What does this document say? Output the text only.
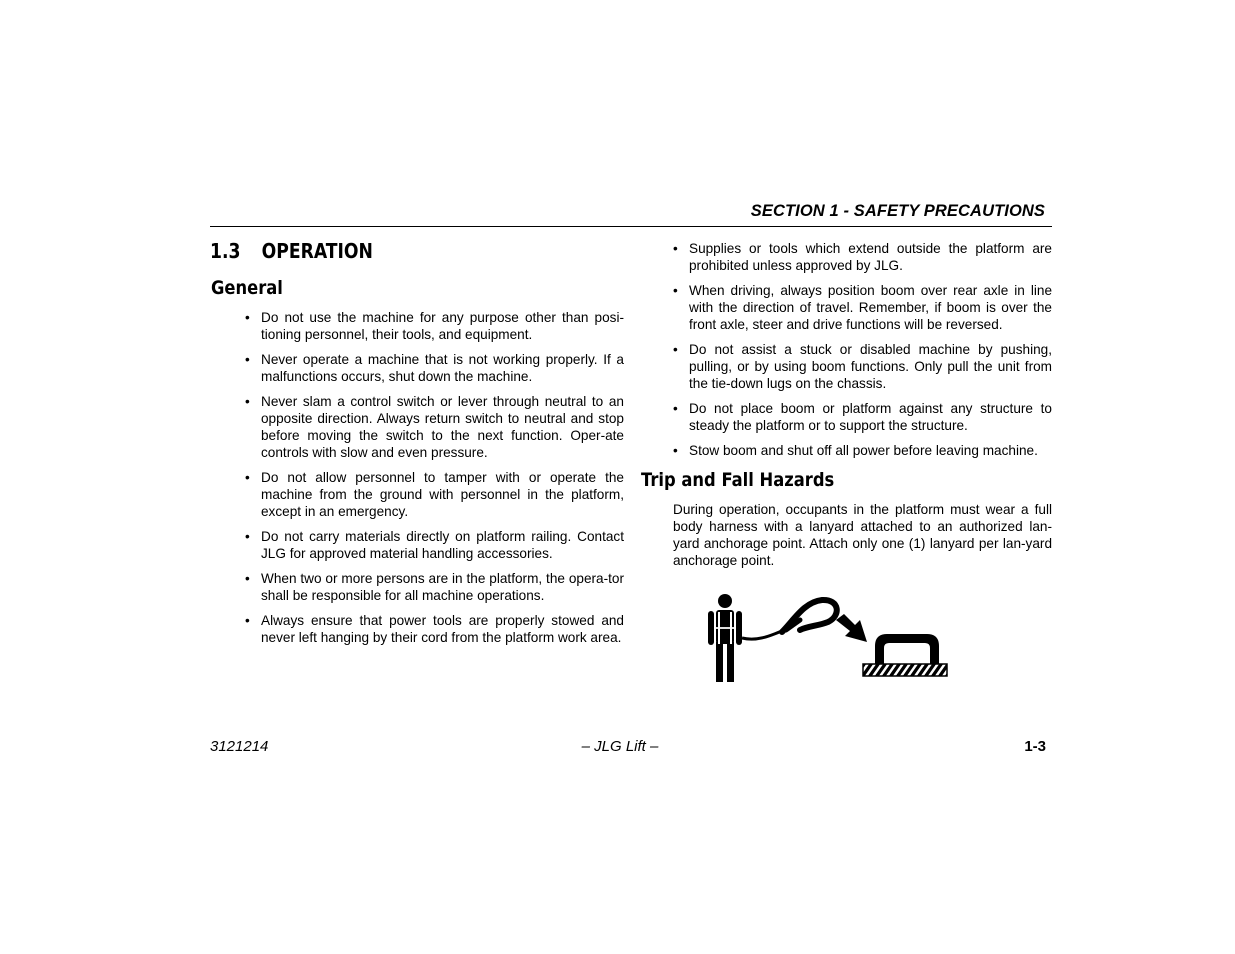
SECTION 1 - SAFETY PRECAUTIONS
1.3 OPERATION
General
• Do not use the machine for any purpose other than posi-tioning personnel, their tools, and equipment.
• Never operate a machine that is not working properly. If a malfunctions occurs, shut down the machine.
• Never slam a control switch or lever through neutral to an opposite direction. Always return switch to neutral and stop before moving the switch to the next function. Oper-ate controls with slow and even pressure.
• Do not allow personnel to tamper with or operate the machine from the ground with personnel in the platform, except in an emergency.
• Do not carry materials directly on platform railing. Contact JLG for approved material handling accessories.
• When two or more persons are in the platform, the opera-tor shall be responsible for all machine operations.
• Always ensure that power tools are properly stowed and never left hanging by their cord from the platform work area.
• Supplies or tools which extend outside the platform are prohibited unless approved by JLG.
• When driving, always position boom over rear axle in line with the direction of travel. Remember, if boom is over the front axle, steer and drive functions will be reversed.
• Do not assist a stuck or disabled machine by pushing, pulling, or by using boom functions. Only pull the unit from the tie-down lugs on the chassis.
• Do not place boom or platform against any structure to steady the platform or to support the structure.
• Stow boom and shut off all power before leaving machine.
Trip and Fall Hazards
During operation, occupants in the platform must wear a full body harness with a lanyard attached to an authorized lan-yard anchorage point. Attach only one (1) lanyard per lan-yard anchorage point.
3121214	– JLG Lift –	1-3
